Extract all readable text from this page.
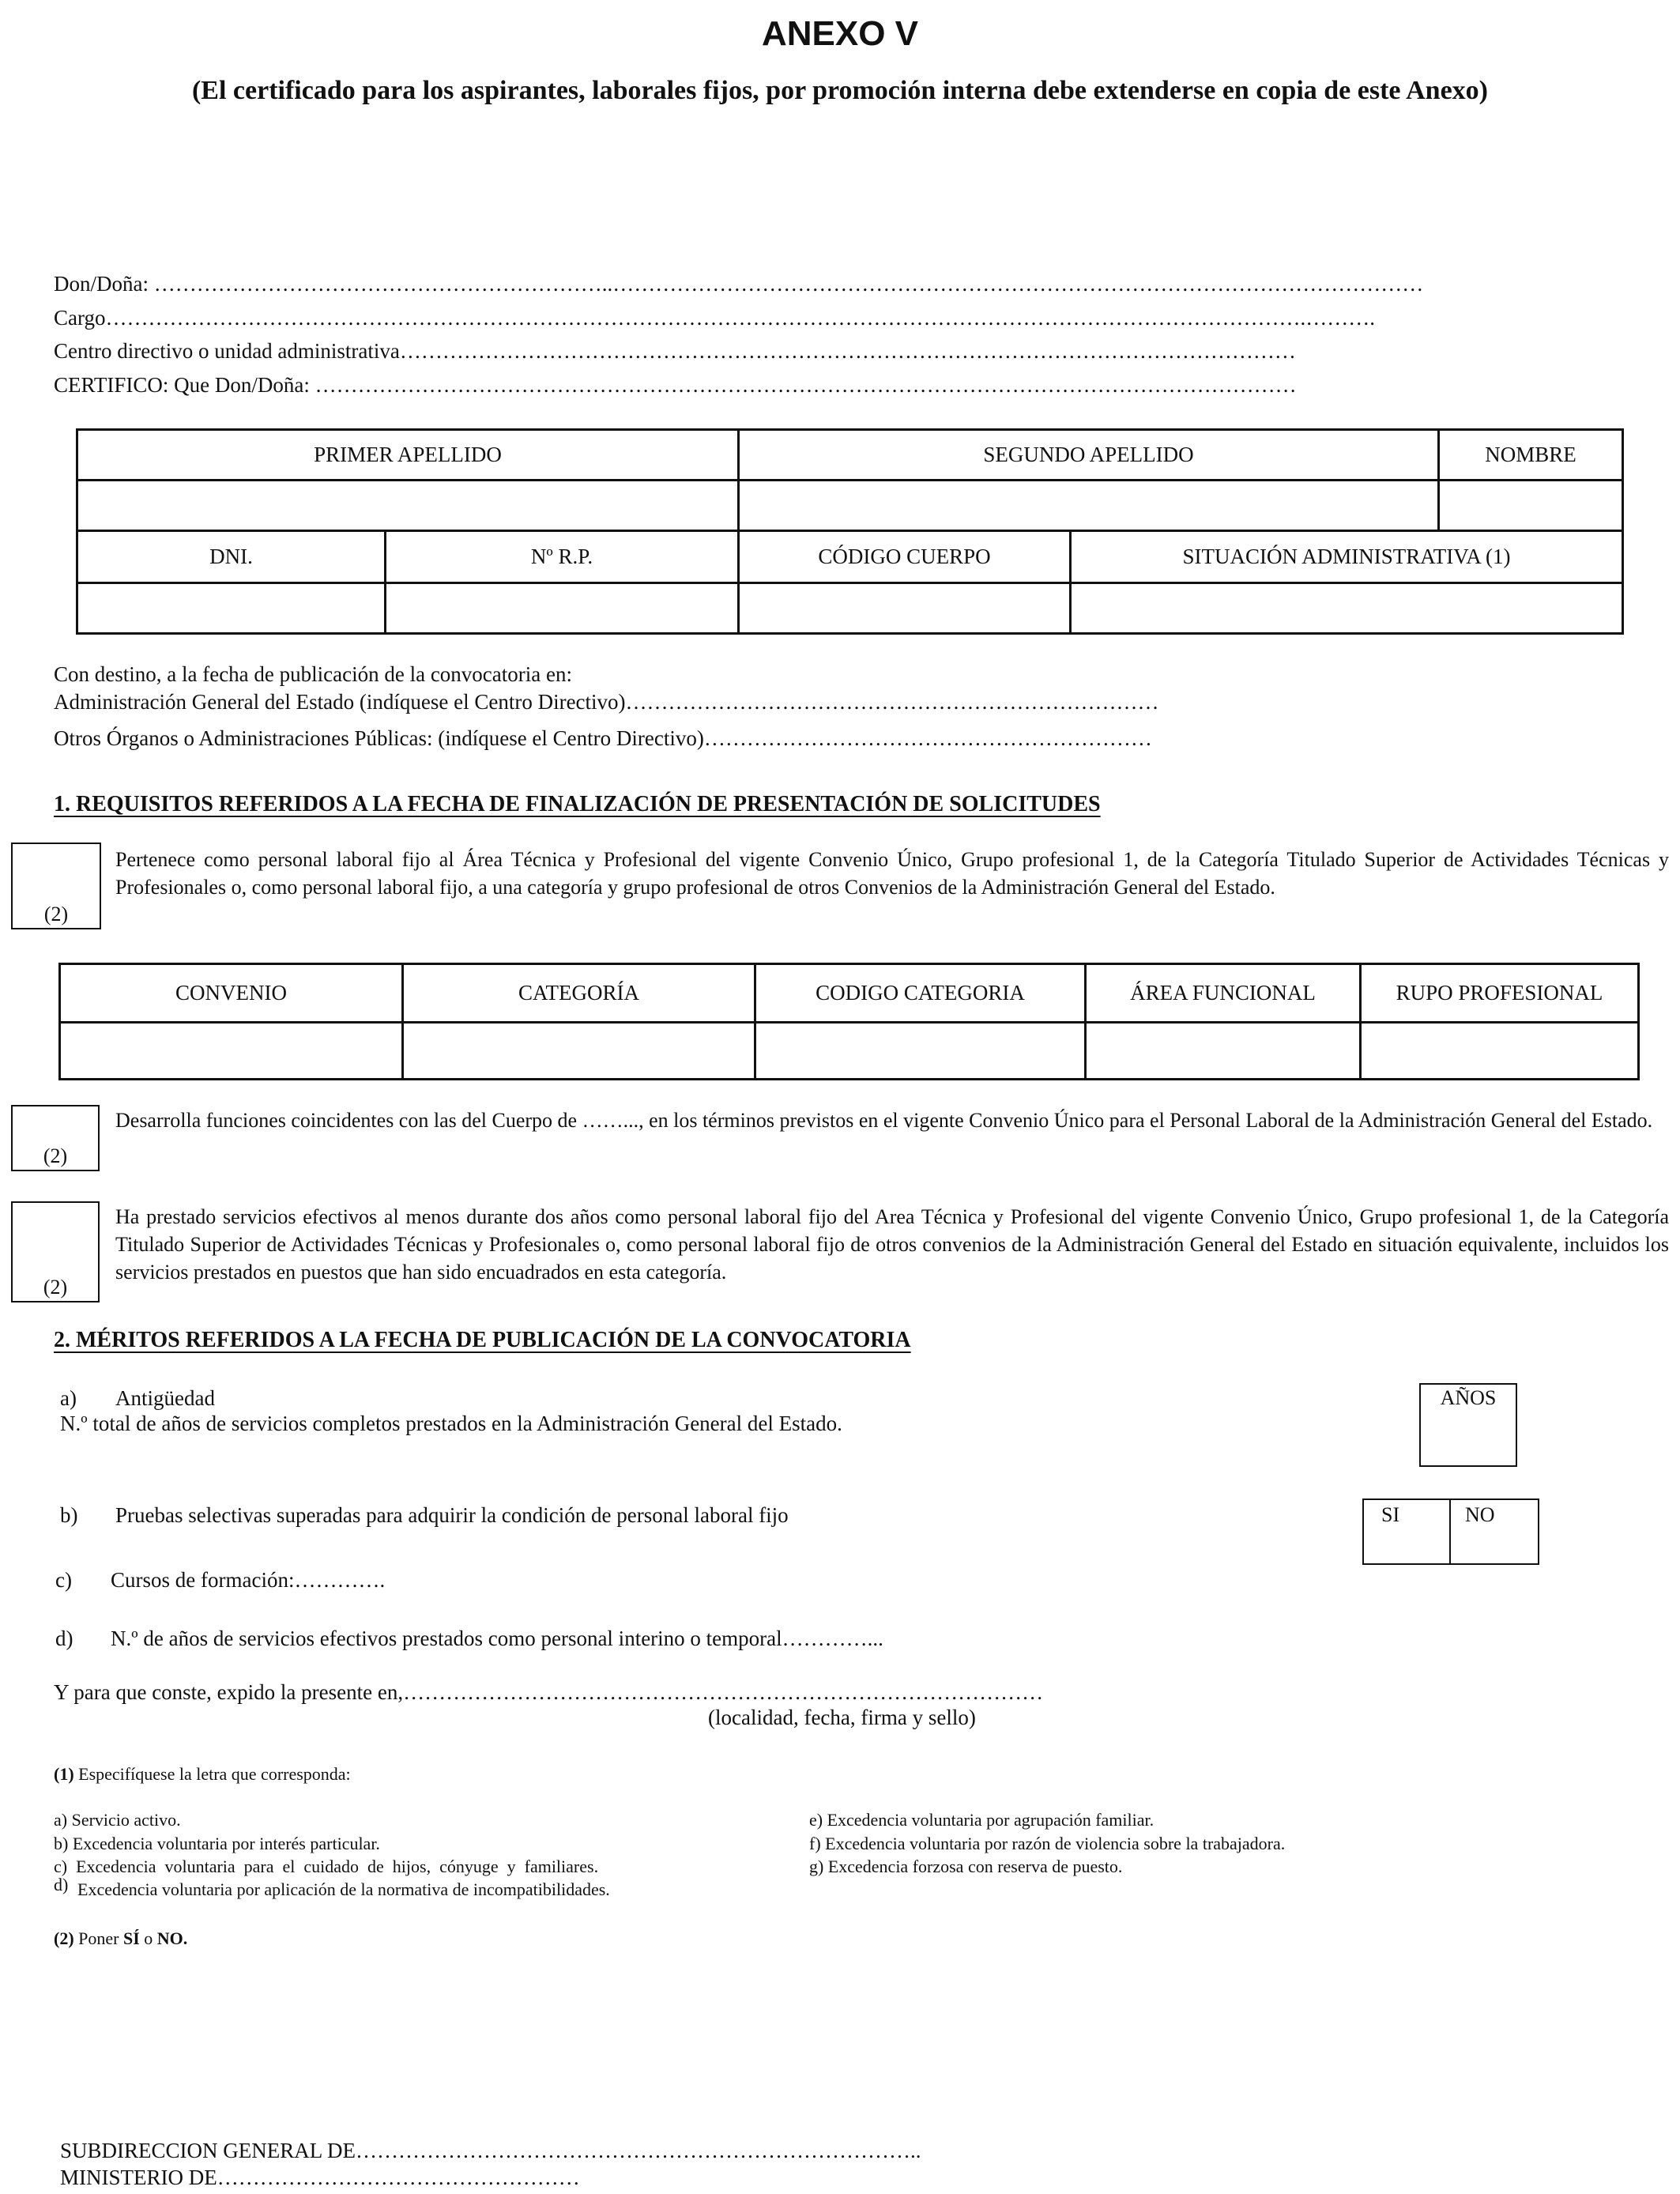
ANEXO V
(El certificado para los aspirantes, laborales fijos, por promoción interna debe extenderse en copia de este Anexo)
Don/Doña: ………………………………………………………..……………………………………………………………………………………………………
Cargo…………………………………………………………………………………………………………………………………………………….……….
Centro directivo o unidad administrativa………………………………………………………………………………………………………………
CERTIFICO: Que Don/Doña: …………………………………………………………………………………………………………………………
PRIMER APELLIDO		SEGUNDO APELLIDO		NOMBRE

DNI.	Nº R.P.	CÓDIGO CUERPO	SITUACIÓN ADMINISTRATIVA (1)	

Con destino, a la fecha de publicación de la convocatoria en:
Administración General del Estado (indíquese el Centro Directivo)…………………………………………………………………
Otros Órganos o Administraciones Públicas: (indíquese el Centro Directivo)………………………………………………………
1. REQUISITOS REFERIDOS A LA FECHA DE FINALIZACIÓN DE PRESENTACIÓN DE SOLICITUDES
(2)
Pertenece como personal laboral fijo al Área Técnica y Profesional del vigente Convenio Único, Grupo profesional 1, de la Categoría Titulado Superior de Actividades Técnicas y Profesionales o, como personal laboral fijo, a una categoría y grupo profesional de otros Convenios de la Administración General del Estado.
CONVENIO	CATEGORÍA	CODIGO CATEGORIA	ÁREA FUNCIONAL	RUPO PROFESIONAL

(2)
Desarrolla funciones coincidentes con las del Cuerpo de ……..., en los términos previstos en el vigente Convenio Único para el Personal Laboral de la Administración General del Estado.
(2)
Ha prestado servicios efectivos al menos durante dos años como personal laboral fijo del Area Técnica y Profesional del vigente Convenio Único, Grupo profesional 1, de la Categoría Titulado Superior de Actividades Técnicas y Profesionales o, como personal laboral fijo de otros convenios de la Administración General del Estado en situación equivalente, incluidos los servicios prestados en puestos que han sido encuadrados en esta categoría.
2. MÉRITOS REFERIDOS A LA FECHA DE PUBLICACIÓN DE LA CONVOCATORIA
a) Antigüedad
N.º total de años de servicios completos prestados en la Administración General del Estado.
AÑOS
b) Pruebas selectivas superadas para adquirir la condición de personal laboral fijo	SI	NO
c) Cursos de formación:………….
d) N.º de años de servicios efectivos prestados como personal interino o temporal…………...
Y para que conste, expido la presente en,………………………………………………………………………………
(localidad, fecha, firma y sello)
(1) Especifíquese la letra que corresponda:
a) Servicio activo.
b) Excedencia voluntaria por interés particular.
c)  Excedencia  voluntaria  para  el  cuidado  de  hijos,  cónyuge  y  familiares.
d) Excedencia voluntaria por aplicación de la normativa de incompatibilidades.
e) Excedencia voluntaria por agrupación familiar.
f) Excedencia voluntaria por razón de violencia sobre la trabajadora.
g) Excedencia forzosa con reserva de puesto.
(2) Poner SÍ o NO.
SUBDIRECCION GENERAL DE……………………………………………………………………..
MINISTERIO DE……………………………………………
